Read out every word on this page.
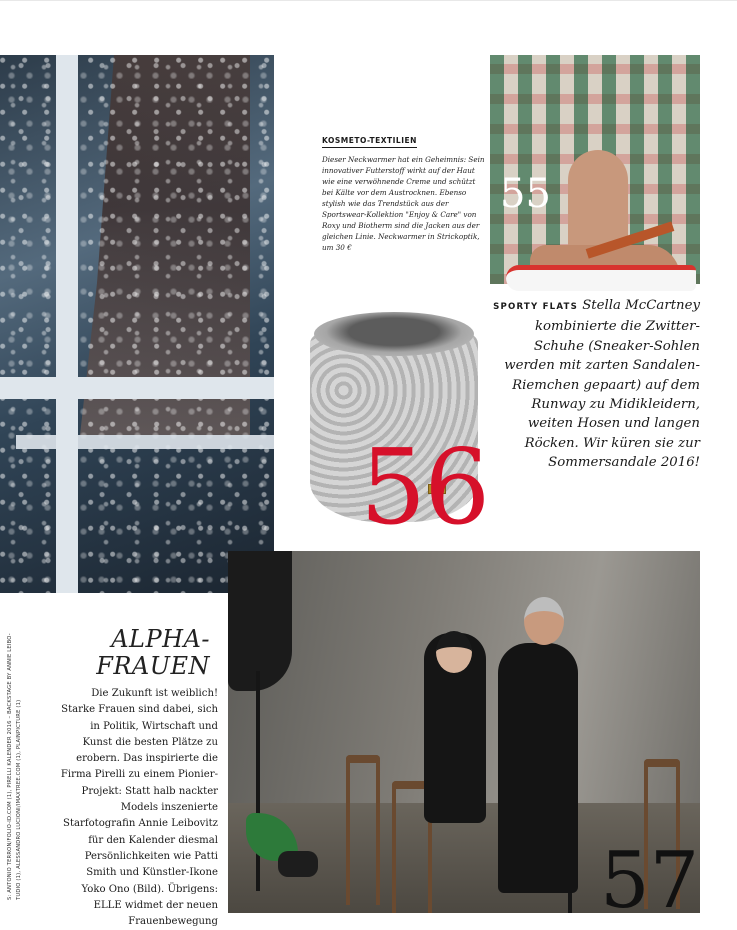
55
KOSMETO-TEXTILIEN
Dieser Neckwarmer hat ein Geheimnis: Sein innovativer Futterstoff wirkt auf der Haut wie eine verwöhnende Creme und schützt bei Kälte vor dem Austrocknen. Ebenso stylish wie das Trendstück aus der Sportswear-Kollektion "Enjoy & Care" von Roxy und Biotherm sind die Jacken aus der gleichen Linie. Neckwarmer in Strickoptik, um 30 €
56
SPORTY FLATS Stella McCartney kombinierte die Zwitter-Schuhe (Sneaker-Sohlen werden mit zarten Sandalen-Riemchen gepaart) auf dem Runway zu Midikleidern, weiten Hosen und langen Röcken. Wir küren sie zur Sommersandale 2016!
S: ANTONIO TERRON/FOLIO-ID.COM (1), PIRELLI KALENDER 2016 – BACKSTAGE BY ANNIE LEIBO- TUDIO (1), ALESSANDRO LUCIONI/IMAXTREE.COM (1), PLAINPICTURE (1)
ALPHA-
FRAUEN
Die Zukunft ist weiblich! Starke Frauen sind dabei, sich in Politik, Wirtschaft und Kunst die besten Plätze zu erobern. Das inspirierte die Firma Pirelli zu einem Pionier-Projekt: Statt halb nackter Models inszenierte Starfotografin Annie Leibovitz für den Kalender diesmal Persönlichkeiten wie Patti Smith und Künstler-Ikone Yoko Ono (Bild). Übrigens: ELLE widmet der neuen Frauenbewegung	57
